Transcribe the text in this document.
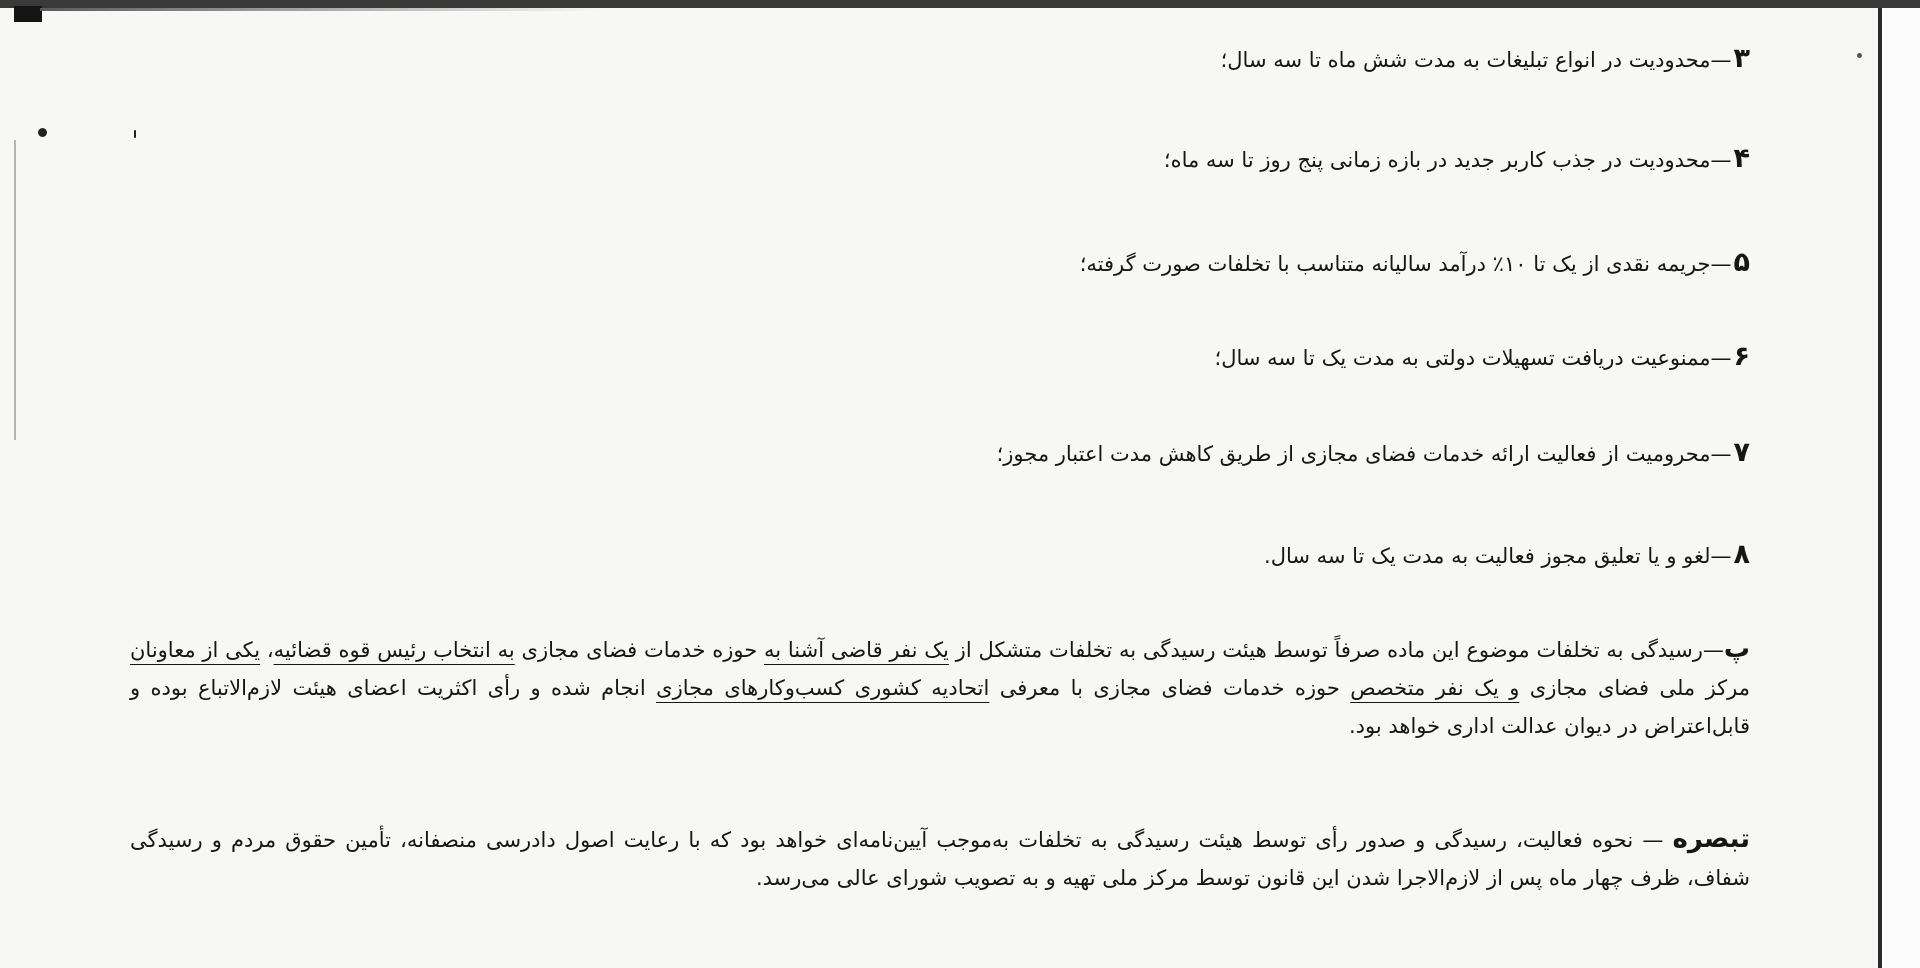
۳—محدودیت در انواع تبلیغات به مدت شش ماه تا سه سال؛
۴—محدودیت در جذب کاربر جدید در بازه زمانی پنج روز تا سه ماه؛
۵—جریمه نقدی از یک تا ۱۰٪ درآمد سالیانه متناسب با تخلفات صورت گرفته؛
۶—ممنوعیت دریافت تسهیلات دولتی به مدت یک تا سه سال؛
۷—محرومیت از فعالیت ارائه خدمات فضای مجازی از طریق کاهش مدت اعتبار مجوز؛
۸—لغو و یا تعلیق مجوز فعالیت به مدت یک تا سه سال.
پ—رسیدگی به تخلفات موضوع این ماده صرفاً توسط هیئت رسیدگی به تخلفات متشکل از یک نفر قاضی آشنا به حوزه خدمات فضای مجازی به انتخاب رئیس قوه قضائیه، یکی از معاونان مرکز ملی فضای مجازی و یک نفر متخصص حوزه خدمات فضای مجازی با معرفی اتحادیه کشوری کسب‌وکارهای مجازی انجام شده و رأی اکثریت اعضای هیئت لازم‌الاتباع بوده و قابل‌اعتراض در دیوان عدالت اداری خواهد بود.
تبصره — نحوه فعالیت، رسیدگی و صدور رأی توسط هیئت رسیدگی به تخلفات به‌موجب آیین‌نامه‌ای خواهد بود که با رعایت اصول دادرسی منصفانه، تأمین حقوق مردم و رسیدگی شفاف، ظرف چهار ماه پس از لازم‌الاجرا شدن این قانون توسط مرکز ملی تهیه و به تصویب شورای عالی می‌رسد.
